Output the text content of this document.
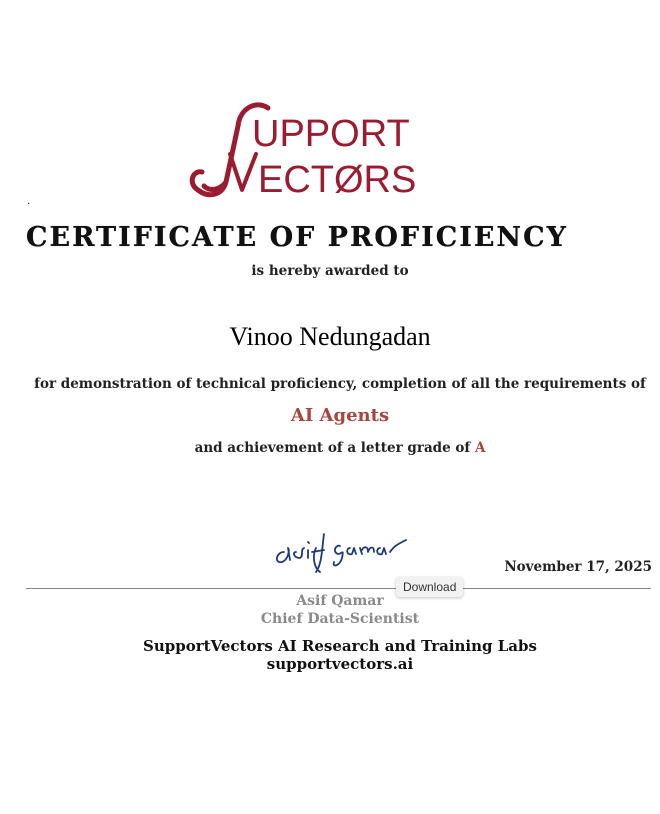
UPPORT
ECTØRS
.
CERTIFICATE OF PROFICIENCY
is hereby awarded to
Vinoo Nedungadan
for demonstration of technical proficiency, completion of all the requirements of
AI Agents
and achievement of a letter grade of A
November 17, 2025
Download
Asif Qamar
Chief Data-Scientist
SupportVectors AI Research and Training Labs
supportvectors.ai
